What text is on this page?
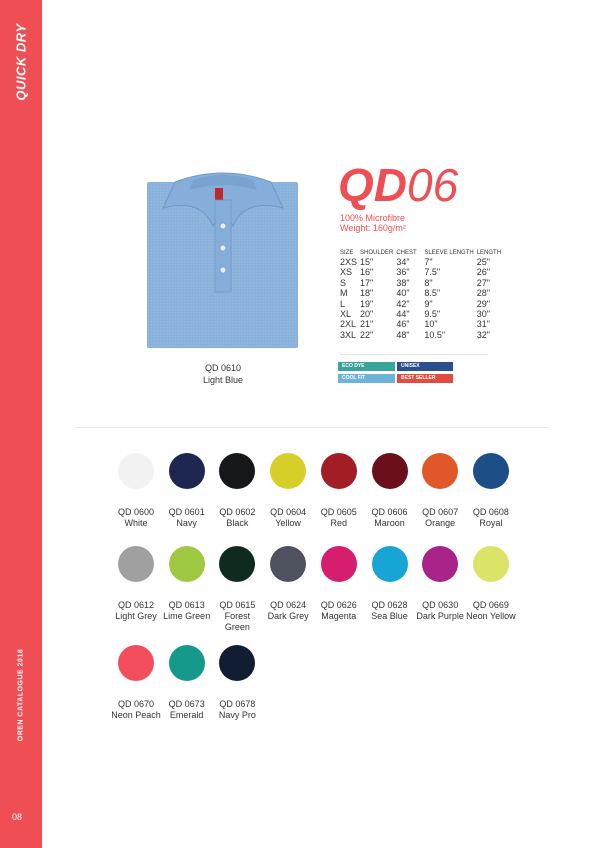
QUICK DRY
OREN CATALOGUE 2018
08
QD 0610
Light Blue
QD06
100% Microfibre
Weight: 160g/m²
SIZE	SHOULDER	CHEST	SLEEVE LENGTH	LENGTH
2XS	15"	34"	7"	25"
XS	16"	36"	7.5"	26"
S	17"	38"	8"	27"
M	18"	40"	8.5"	28"
L	19"	42"	9"	29"
XL	20"	44"	9.5"	30"
2XL	21"	46"	10"	31"
3XL	22"	48"	10.5"	32"
ECO DYE	UNISEX
COOL FIT	BEST SELLER
QD 0600
White
QD 0601
Navy
QD 0602
Black
QD 0604
Yellow
QD 0605
Red
QD 0606
Maroon
QD 0607
Orange
QD 0608
Royal
QD 0612
Light Grey
QD 0613
Lime Green
QD 0615
Forest Green
QD 0624
Dark Grey
QD 0626
Magenta
QD 0628
Sea Blue
QD 0630
Dark Purple
QD 0669
Neon Yellow
QD 0670
Neon Peach
QD 0673
Emerald
QD 0678
Navy Pro
